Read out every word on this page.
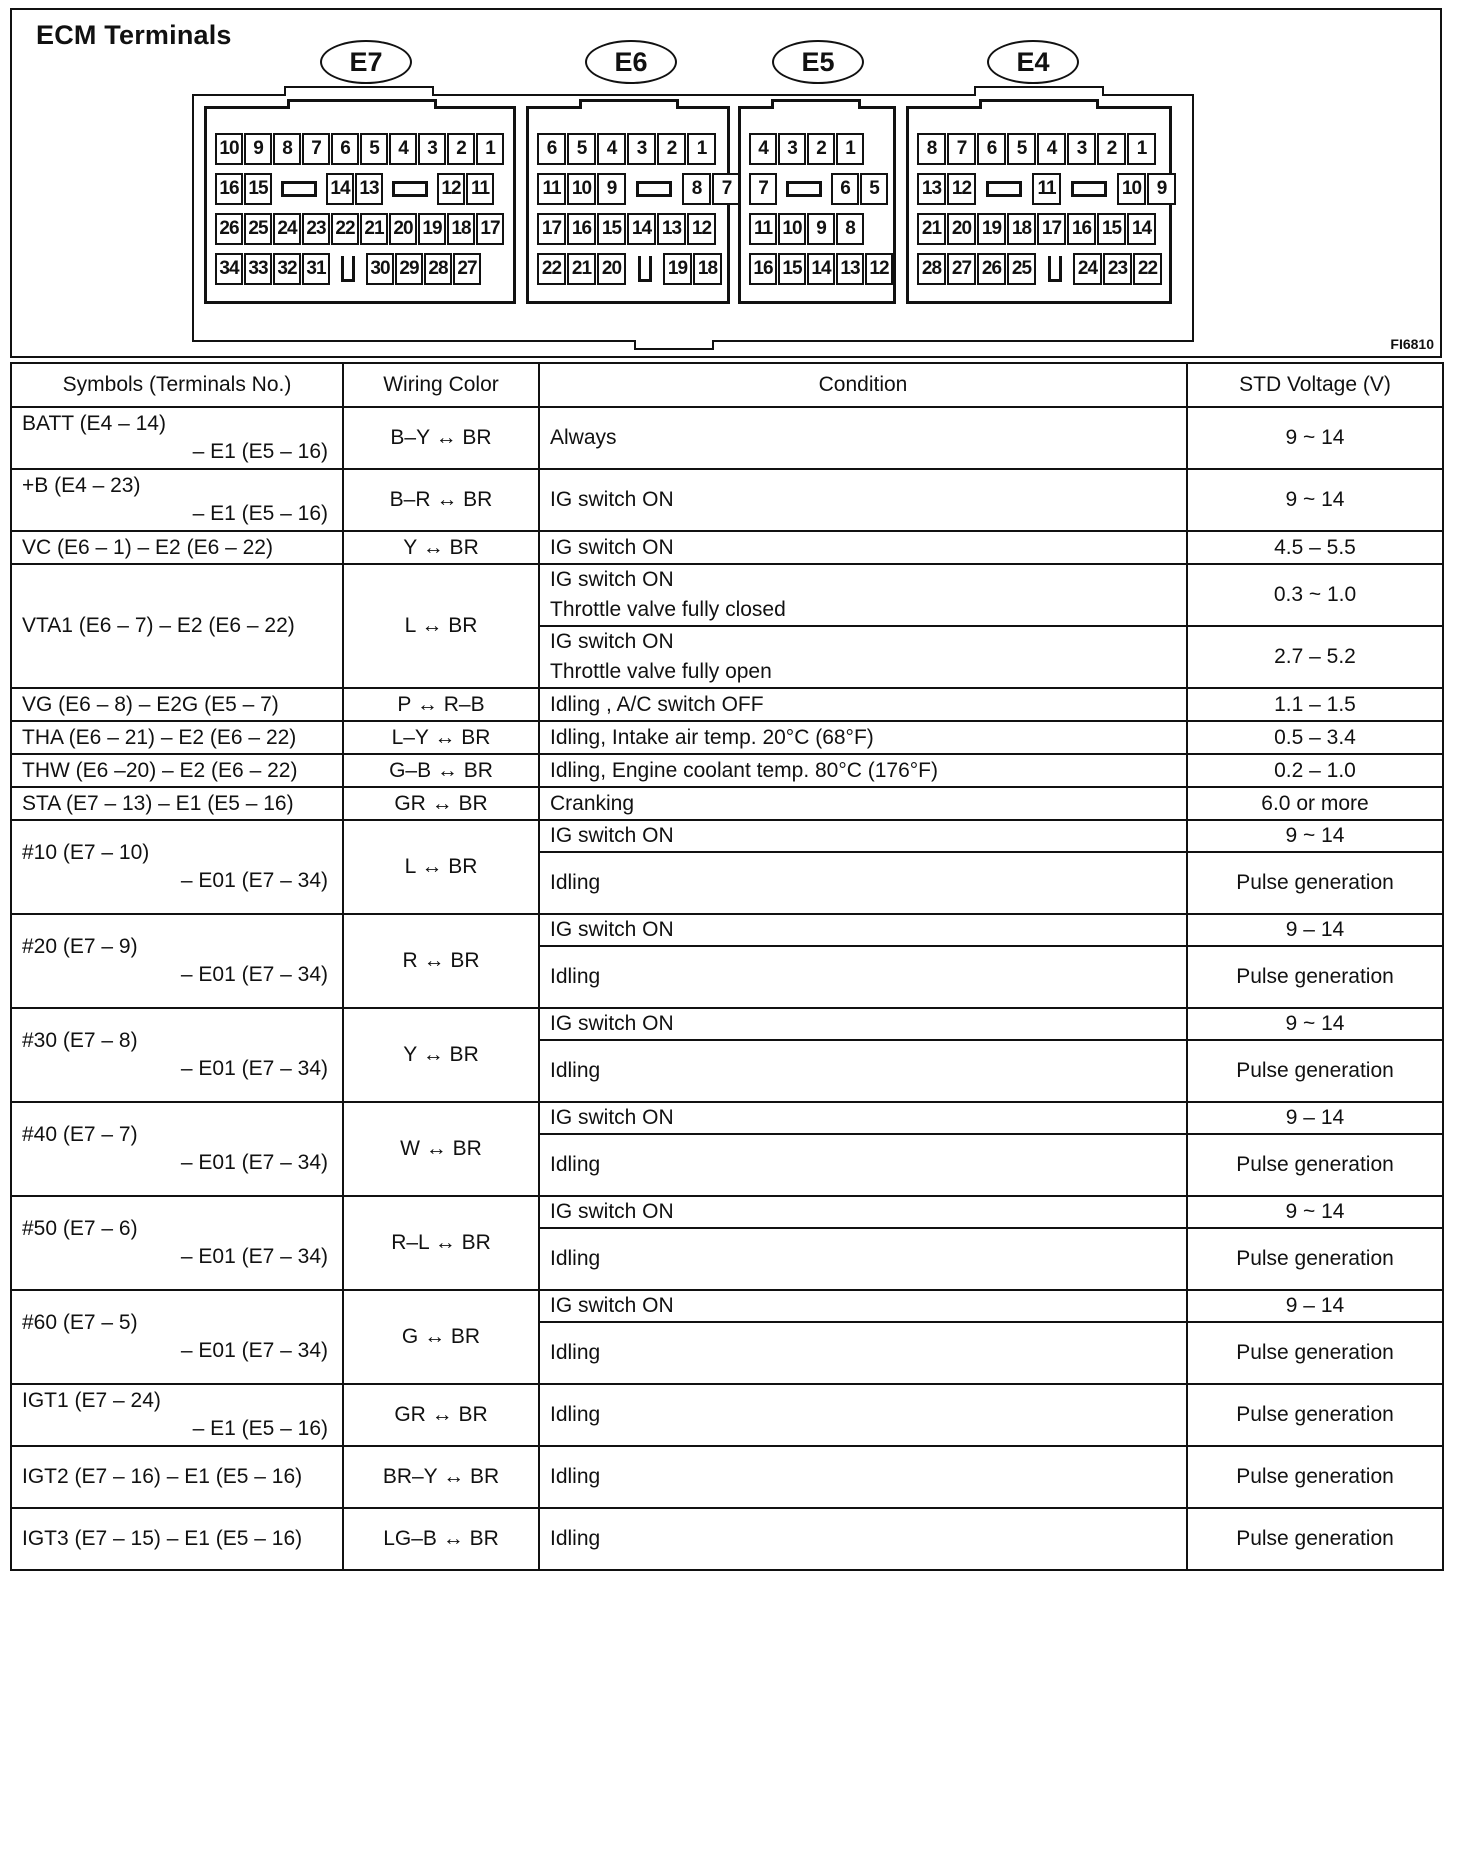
ECM Terminals
E7	E6	E5	E4
10 9	8	7	6	5	4	3	2	1
16 15	14 13	12 11
26 25 24 23 22 21 20 19 18 17
34 33 32 31 30 29 28 27
6	5	4	3	2	1
11 10 9	8	7
17 16 15 14 13 12
22 21 20 19 18
4	3	2	1
7	6	5
11 10 9	8
16 15 14 13 12
8	7	6	5	4	3	2	1
13 12	11	10 9
21 20 19 18 17 16 15 14
28 27 26 25 24 23 22
FI6810
Symbols (Terminals No.)	Wiring Color	Condition	STD Voltage (V)

BATT (E4 – 14)
– E1 (E5 – 16)	B–Y ↔ BR	Always	9 ~ 14

+B (E4 – 23)
– E1 (E5 – 16)	B–R ↔ BR	IG switch ON	9 ~ 14

VC (E6 – 1) – E2 (E6 – 22)	Y ↔ BR	IG switch ON	4.5 – 5.5

VTA1 (E6 – 7) – E2 (E6 – 22)	L ↔ BR	IG switch ON
Throttle valve fully closed	0.3 ~ 1.0

		IG switch ON
Throttle valve fully open	2.7 – 5.2

VG (E6 – 8) – E2G (E5 – 7)	P ↔ R–B	Idling , A/C switch OFF	1.1 – 1.5

THA (E6 – 21) – E2 (E6 – 22)	L–Y ↔ BR	Idling, Intake air temp. 20°C (68°F)	0.5 – 3.4

THW (E6 –20) – E2 (E6 – 22)	G–B ↔ BR	Idling, Engine coolant temp. 80°C (176°F)	0.2 – 1.0

STA (E7 – 13) – E1 (E5 – 16)	GR ↔ BR	Cranking	6.0 or more

#10 (E7 – 10)
– E01 (E7 – 34)	L ↔ BR	IG switch ON	9 ~ 14

		Idling	Pulse generation

#20 (E7 – 9)
– E01 (E7 – 34)	R ↔ BR	IG switch ON	9 – 14

		Idling	Pulse generation

#30 (E7 – 8)
– E01 (E7 – 34)	Y ↔ BR	IG switch ON	9 ~ 14

		Idling	Pulse generation

#40 (E7 – 7)
– E01 (E7 – 34)	W ↔ BR	IG switch ON	9 – 14

		Idling	Pulse generation

#50 (E7 – 6)
– E01 (E7 – 34)	R–L ↔ BR	IG switch ON	9 ~ 14

		Idling	Pulse generation

#60 (E7 – 5)
– E01 (E7 – 34)	G ↔ BR	IG switch ON	9 – 14

		Idling	Pulse generation

IGT1 (E7 – 24)
– E1 (E5 – 16)	GR ↔ BR	Idling	Pulse generation

IGT2 (E7 – 16) – E1 (E5 – 16)	BR–Y ↔ BR	Idling	Pulse generation

IGT3 (E7 – 15) – E1 (E5 – 16)	LG–B ↔ BR	Idling	Pulse generation
